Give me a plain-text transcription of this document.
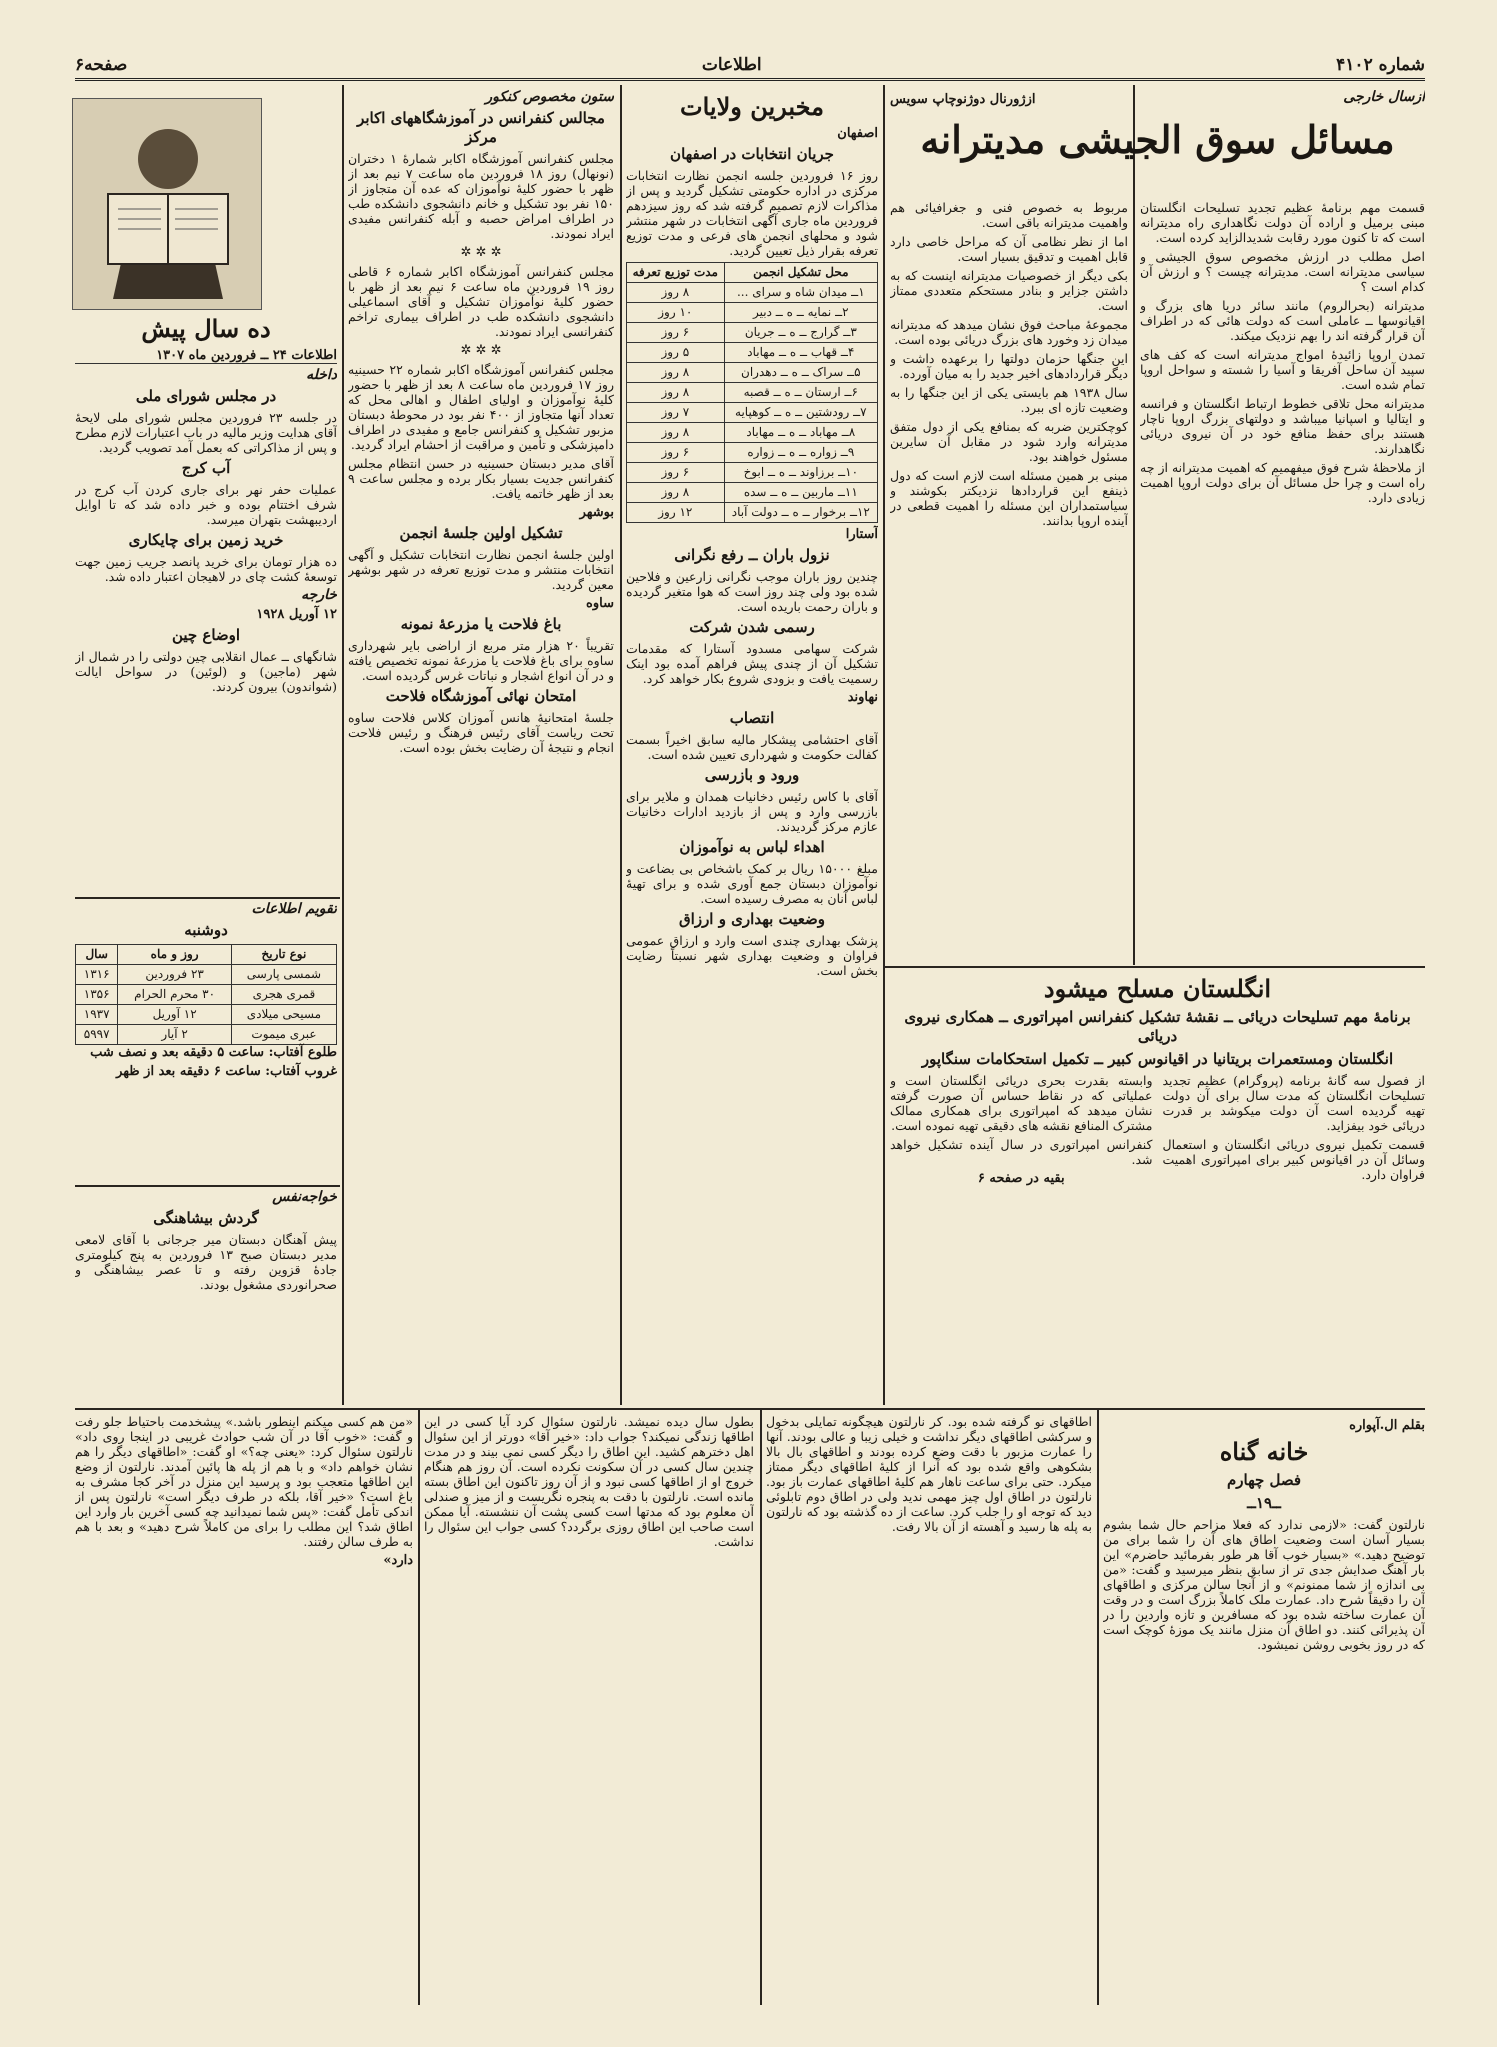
شماره ۴۱۰۲
اطلاعات
صفحه۶
ازسال خارجی
ازژورنال دوژنوچاپ سویس
مسائل سوق الجیشی مدیترانه

قسمت مهم برنامهٔ عظیم تجدید تسلیحات انگلستان مبنی برمیل و اراده آن دولت نگاهداری راه مدیترانه است که تا کنون مورد رقابت شدیدالزاید کرده است.

اصل مطلب در ارزش مخصوص سوق الجیشی و سیاسی مدیترانه است. مدیترانه چیست ؟ و ارزش آن کدام است ؟

مدیترانه (بحرالروم) مانند سائر دریا های بزرگ و اقیانوسها ــ عاملی است که دولت هائی که در اطراف آن قرار گرفته اند را بهم نزدیک میکند.

تمدن اروپا زائیدهٔ امواج مدیترانه است که کف های سپید آن ساحل آفریقا و آسیا را شسته و سواحل اروپا تمام شده است.

مدیترانه محل تلاقی خطوط ارتباط انگلستان و فرانسه و ایتالیا و اسپانیا میباشد و دولتهای بزرگ اروپا ناچار هستند برای حفظ منافع خود در آن نیروی دریائی نگاهدارند.

از ملاحظهٔ شرح فوق میفهمیم که اهمیت مدیترانه از چه راه است و چرا حل مسائل آن برای دولت اروپا اهمیت زیادی دارد.

مربوط به خصوص فنی و جغرافیائی هم واهمیت مدیترانه باقی است.

اما از نظر نظامی آن که مراحل خاصی دارد قابل اهمیت و تدقیق بسیار است.

بکی دیگر از خصوصیات مدیترانه اینست که به داشتن جزایر و بنادر مستحکم متعددی ممتاز است.

مجموعهٔ مباحث فوق نشان میدهد که مدیترانه میدان زد وخورد های بزرگ دریائی بوده است.

این جنگها حزمان دولتها را برعهده داشت و دیگر قراردادهای اخیر جدید را به میان آورده.

سال ۱۹۳۸ هم بایستی یکی از این جنگها را به وضعیت تازه ای ببرد.

کوچکترین ضربه که بمنافع یکی از دول متفق مدیترانه وارد شود در مقابل آن سایرین مسئول خواهند بود.

مبنی بر همین مسئله است لازم است که دول ذینفع این قراردادها نزدیکتر بکوشند و سیاستمداران این مسئله را اهمیت قطعی در آینده اروپا بدانند.

انگلستان مسلح میشود
برنامهٔ مهم تسلیحات دریائی ــ نقشهٔ تشکیل کنفرانس امپراتوری ــ همکاری نیروی دریائی
انگلستان ومستعمرات بریتانیا در اقیانوس کبیر ــ تکمیل استحکامات سنگاپور

از فصول سه گانهٔ برنامه (پروگرام) عظیم تجدید تسلیحات انگلستان که مدت سال برای آن دولت تهیه گردیده است آن دولت میکوشد بر قدرت دریائی خود بیفزاید.

قسمت تکمیل نیروی دریائی انگلستان و استعمال وسائل آن در اقیانوس کبیر برای امپراتوری اهمیت فراوان دارد.

وابسته بقدرت بحری دریائی انگلستان است و عملیاتی که در نقاط حساس آن صورت گرفته نشان میدهد که امپراتوری برای همکاری ممالک مشترک المنافع نقشه های دقیقی تهیه نموده است.

کنفرانس امپراتوری در سال آینده تشکیل خواهد شد.

بقیه در صفحه ۶

مخبرین ولایات
اصفهان
جریان انتخابات در اصفهان

روز ۱۶ فروردین جلسه انجمن نظارت انتخابات مرکزی در اداره حکومتی تشکیل گردید و پس از مذاکرات لازم تصمیم گرفته شد که روز سیزدهم فروردین ماه جاری آگهی انتخابات در شهر منتشر شود و محلهای انجمن های فرعی و مدت توزیع تعرفه بقرار ذیل تعیین گردید.

محل تشکیل انجمن	مدت توزیع تعرفه
۱ــ میدان شاه و سرای ...	۸ روز
۲ــ نمایه ــ ه ــ دبیر	۱۰ روز
۳ــ گرارج ــ ه ــ جریان	۶ روز
۴ــ قهاب ــ ه ــ مهاباد	۵ روز
۵ــ سراک ــ ه ــ دهدران	۸ روز
۶ــ ارستان ــ ه ــ قصبه	۸ روز
۷ــ رودشتین ــ ه ــ کوهپایه	۷ روز
۸ــ مهاباد ــ ه ــ مهاباد	۸ روز
۹ــ زواره ــ ه ــ زواره	۶ روز
۱۰ــ برزاوند ــ ه ــ ابوخ	۶ روز
۱۱ــ ماربین ــ ه ــ سده	۸ روز
۱۲ــ برخوار ــ ه ــ دولت آباد	۱۲ روز
آستارا
نزول باران ــ رفع نگرانی

چندین روز باران موجب نگرانی زارعین و فلاحین شده بود ولی چند روز است که هوا متغیر گردیده و باران رحمت باریده است.

رسمی شدن شرکت

شرکت سهامی مسدود آستارا که مقدمات تشکیل آن از چندی پیش فراهم آمده بود اینک رسمیت یافت و بزودی شروع بکار خواهد کرد.

نهاوند
انتصاب

آقای احتشامی پیشکار مالیه سابق اخیراً بسمت کفالت حکومت و شهرداری تعیین شده است.

ورود و بازرسی

آقای با کاس رئیس دخانیات همدان و ملایر برای بازرسی وارد و پس از بازدید ادارات دخانیات عازم مرکز گردیدند.

اهداء لباس به نوآموزان

مبلغ ۱۵۰۰۰ ریال بر کمک باشخاص بی بضاعت و نوآموزان دبستان جمع آوری شده و برای تهیهٔ لباس آنان به مصرف رسیده است.

وضعیت بهداری و ارزاق

پزشک بهداری چندی است وارد و ارزاق عمومی فراوان و وضعیت بهداری شهر نسبتاً رضایت بخش است.

ستون مخصوص کنکور
مجالس کنفرانس در آموزشگاههای اکابر مرکز

مجلس کنفرانس آموزشگاه اکابر شمارهٔ ۱ دختران (نونهال) روز ۱۸ فروردین ماه ساعت ۷ نیم بعد از ظهر با حضور کلیهٔ نوآموزان که عده آن متجاوز از ۱۵۰ نفر بود تشکیل و خانم دانشجوی دانشکده طب در اطراف امراض حصبه و آبله کنفرانس مفیدی ایراد نمودند.

✲ ✲ ✲

مجلس کنفرانس آموزشگاه اکابر شماره ۶ قاطی روز ۱۹ فروردین ماه ساعت ۶ نیم بعد از ظهر با حضور کلیهٔ نوآموزان تشکیل و آقای اسماعیلی دانشجوی دانشکده طب در اطراف بیماری تراخم کنفرانسی ایراد نمودند.

✲ ✲ ✲

مجلس کنفرانس آموزشگاه اکابر شماره ۲۲ حسینیه روز ۱۷ فروردین ماه ساعت ۸ بعد از ظهر با حضور کلیهٔ نوآموزان و اولیای اطفال و اهالی محل که تعداد آنها متجاوز از ۴۰۰ نفر بود در محوطهٔ دبستان مزبور تشکیل و کنفرانس جامع و مفیدی در اطراف دامپزشکی و تأمین و مراقبت از احشام ایراد گردید.

آقای مدیر دبستان حسینیه در حسن انتظام مجلس کنفرانس جدیت بسیار بکار برده و مجلس ساعت ۹ بعد از ظهر خاتمه یافت.

بوشهر
تشکیل اولین جلسهٔ انجمن

اولین جلسهٔ انجمن نظارت انتخابات تشکیل و آگهی انتخابات منتشر و مدت توزیع تعرفه در شهر بوشهر معین گردید.

ساوه
باغ فلاحت یا مزرعهٔ نمونه

تقریباً ۲۰ هزار متر مربع از اراضی بایر شهرداری ساوه برای باغ فلاحت یا مزرعهٔ نمونه تخصیص یافته و در آن انواع اشجار و نباتات غرس گردیده است.

امتحان نهائی آموزشگاه فلاحت

جلسهٔ امتحانیهٔ هانس آموزان کلاس فلاحت ساوه تحت ریاست آقای رئیس فرهنگ و رئیس فلاحت انجام و نتیجهٔ آن رضایت بخش بوده است.

ده سال پیش
اطلاعات ۲۴ ــ فروردین ماه ۱۳۰۷
داخله
در مجلس شورای ملی

در جلسه ۲۳ فروردین مجلس شورای ملی لایحهٔ آقای هدایت وزیر مالیه در باب اعتبارات لازم مطرح و پس از مذاکراتی که بعمل آمد تصویب گردید.

آب کرج

عملیات حفر نهر برای جاری کردن آب کرج در شرف اختتام بوده و خبر داده شد که تا اوایل اردیبهشت بتهران میرسد.

خرید زمین برای چایکاری

ده هزار تومان برای خرید پانصد جریب زمین جهت توسعهٔ کشت چای در لاهیجان اعتبار داده شد.

خارجه
۱۲ آوریل ۱۹۲۸
اوضاع چین

شانگهای ــ عمال انقلابی چین دولتی را در شمال از شهر (ماجین) و (لوئین) در سواحل ایالت (شواندون) بیرون کردند.

تقویم اطلاعات
دوشنبه
نوع تاریخ	روز و ماه	سال
شمسی پارسی	۲۳ فروردین	۱۳۱۶
قمری هجری	۳۰ محرم الحرام	۱۳۵۶
مسیحی میلادی	۱۲ آوریل	۱۹۳۷
عبری میموت	۲ آیار	۵۹۹۷

طلوع آفتاب: ساعت ۵ دقیقه بعد و نصف شب

غروب آفتاب: ساعت ۶ دقیقه بعد از ظهر

خواجه‌نفس
گردش بیشاهنگی

پیش آهنگان دبستان میر جرجانی با آقای لامعی مدیر دبستان صبح ۱۳ فروردین به پنج کیلومتری جادهٔ قزوین رفته و تا عصر بیشاهنگی و صحرانوردی مشغول بودند.

بقلم ال.آپواره
خانه گناه
فصل چهارم
ــ۱۹ــ

نارلتون گفت: «لازمی ندارد که فعلا مزاحم حال شما بشوم بسیار آسان است وضعیت اطاق های آن را شما برای من توضیح دهید.» «بسیار خوب آقا هر طور بفرمائید حاضرم» این بار آهنگ صدایش جدی تر از سابق بنظر میرسید و گفت: «من بی اندازه از شما ممنونم» و از آنجا سالن مرکزی و اطاقهای آن را دقیقاً شرح داد. عمارت ملک کاملاً بزرگ است و در وقت آن عمارت ساخته شده بود که مسافرین و تازه واردین را در آن پذیرائی کنند. دو اطاق آن منزل مانند یک موزهٔ کوچک است که در روز بخوبی روشن نمیشود.

اطاقهای نو گرفته شده بود. کر نارلتون هیچگونه تمایلی بدخول و سرکشی اطاقهای دیگر نداشت و خیلی زیبا و عالی بودند. آنها را عمارت مزبور با دقت وضع کرده بودند و اطاقهای بال بالا بشکوهی واقع شده بود که آنرا از کلیهٔ اطاقهای دیگر ممتاز میکرد. حتی برای ساعت ناهار هم کلیهٔ اطاقهای عمارت باز بود. نارلتون در اطاق اول چیز مهمی ندید ولی در اطاق دوم تابلوئی دید که توجه او را جلب کرد. ساعت از ده گذشته بود که نارلتون به پله ها رسید و آهسته از آن بالا رفت.

بطول سال دیده نمیشد. نارلتون سئوال کرد آیا کسی در این اطاقها زندگی نمیکند؟ جواب داد: «خیر آقا» دورتر از این سئوال اهل دخترهم کشید. این اطاق را دیگر کسی نمی بیند و در مدت چندین سال کسی در آن سکونت نکرده است. آن روز هم هنگام خروج او از اطاقها کسی نبود و از آن روز تاکنون این اطاق بسته مانده است. نارلتون با دقت به پنجره نگریست و از میز و صندلی آن معلوم بود که مدتها است کسی پشت آن ننشسته. آیا ممکن است صاحب این اطاق روزی برگردد؟ کسی جواب این سئوال را نداشت.

«من هم کسی میکنم اینطور باشد.» پیشخدمت باحتیاط جلو رفت و گفت: «خوب آقا در آن شب حوادث غریبی در اینجا روی داد» نارلتون سئوال کرد: «یعنی چه؟» او گفت: «اطاقهای دیگر را هم نشان خواهم داد» و با هم از پله ها پائین آمدند. نارلتون از وضع این اطاقها متعجب بود و پرسید این منزل در آخر کجا مشرف به باغ است؟ «خیر آقا، بلکه در طرف دیگر است» نارلتون پس از اندکی تأمل گفت: «پس شما نمیدانید چه کسی آخرین بار وارد این اطاق شد؟ این مطلب را برای من کاملاً شرح دهید» و بعد با هم به طرف سالن رفتند.

دارد»
